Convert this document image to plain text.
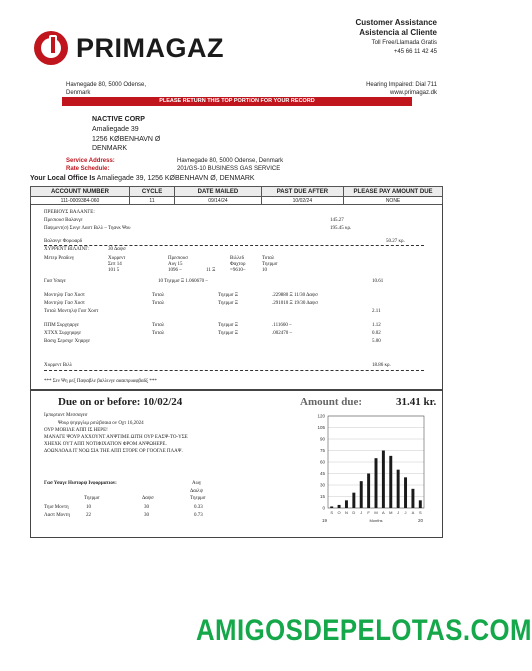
PRIMAGAZ
Customer Assistance
Asistencia al Cliente
Toll Free/Llamada Gratis
+45 66 11 42 45
Havnegade 80, 5000 Odense,
Denmark
Hearing Impaired: Dial 711
www.primagaz.dk
PLEASE RETURN THIS TOP PORTION FOR YOUR RECORD
NACTIVE CORP
Amaliegade 39
1256 KØBENHAVN Ø
DENMARK
Service Address:	Havnegade 80, 5000 Odense, Denmark
Rate Schedule:	201/GS-10 BUSINESS GAS SERVICE
Your Local Office Is Amaliegade 39, 1256 KØBENHAVN Ø, DENMARK
ACCOUNT NUMBER	CYCLE	DATE MAILED	PAST DUE AFTER	PLEASE PAY AMOUNT DUE
111-0009384-060	11	09/14/24	10/02/24	NONE
ΠΡΕΒΙΟΥΣ ΒΑΛΑΝΓΕ:
Πρεσιουσ Βαλανγε	145.27
Παψμεντ(σ) Σινγε Λαστ Βιλλ – Τηανκ Ψου	195.45 κρ.
Βαλανγε Φορωαρδ	50.27 κρ.
ΧΥΡΡΕΝΤ ΒΙΛΛΙΝΓ:	30 Δαψσ
Μετερ Ρεαδινγ	Χυρρεντ	Πρεσιουσ	Βιλλεδ	Τοταλ
Σεπ 14	Αυγ 15	Φαχτορ	Τηερμσ
101 5	1096 –	11 Ξ	=9610–	10
Γασ Υσαγε	10 Τηερμσ Ξ 1.060670 –	10.61
Μοντηλψ Γασ Χοστ	Τοταλ	Τηερμσ Ξ	.229880 Ξ 11/30 Δαψσ
Μοντηλψ Γασ Χοστ	Τοταλ	Τηερμσ Ξ	.291010 Ξ 19/30 Δαψσ
Τοταλ Μοντηλψ Γασ Χοστ	2.11
ΠΠΜ Συρχηαργε	Τοταλ	Τηερμσ Ξ	.111660 –	1.12
ΧΤΧΧ Συρχηαργε	Τοταλ	Τηερμσ Ξ	.002470 –	0.02
Βασιχ Σερσιχε Χηαργε	5.00
Χυρρεντ Βιλλ	18.86 κρ.
*** Σεν Ψη ρεξ Παψαβλε βαλλινγε αααιπρυαφβαδξ ***
Due on or before: 10/02/24	Amount due:	31.41 kr.
Ιμπορταντ Μεσσαγεσ
Ψουρ ψηεργλιμ ρσιλβσαια ον Οχτ 16,2024
ΟΥΡ ΜΟΒΙΛΕ ΑΠΠ ΙΣ ΗΕΡΕ!
ΜΑΝΑΓΕ ΨΟΥΡ ΑΧΧΟΥΝΤ ΑΝΨΤΙΜΕ ΩΙΤΗ ΟΥΡ ΕΑΣΨ-ΤΟ-ΥΣΕ
ΧΗΕΧΚ ΟΥΤ ΑΠΠ ΝΟΤΙΦΙΧΑΤΙΟΝ ΦΡΟΜ ΑΝΨΩΗΕΡΕ.
ΔΟΩΝΛΟΑΔ ΙΤ ΝΟΩ ΣΙΑ ΤΗΕ ΑΠΠ ΣΤΟΡΕ ΟΡ ΓΟΟΓΛΕ ΠΛΑΨ.
Γασ Υσαγε Ηιστορψ Ινφορματιον:	Αωγ
Δαιλψ
Τηερμσ	Δαψσ	Τηερμσ
Τηισ Μοντη	10	30	0.33
Λαστ Μοντη	22	30	0.73
120
105
90
75
60
45
30
15
0
S O N D J F M A M J J A S
19	Months	20
AMIGOSDEPELOTAS.COM
